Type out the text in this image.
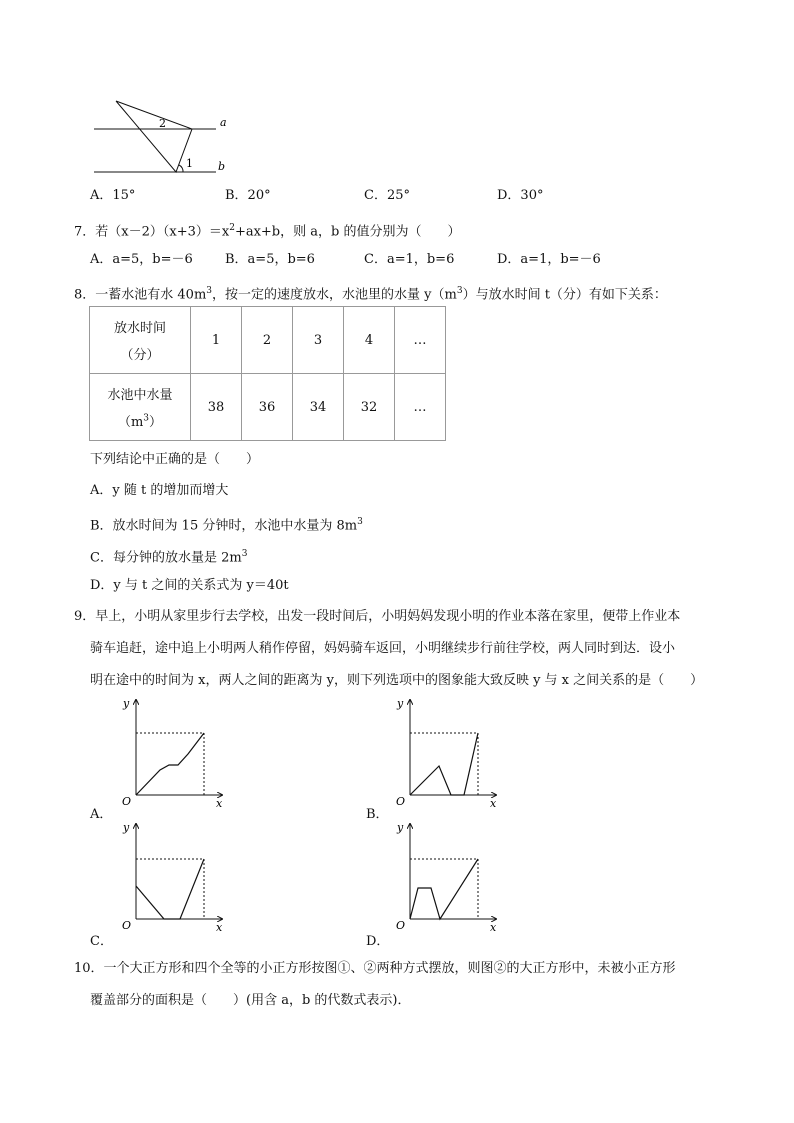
2
1
a
b
A．15°	B．20°	C．25°	D．30°
7．若$(x-2)(x+3)=x^2+ax+b$，则 a，b 的值分别为（　　）
A．a=5，b=－6 B．a=5，b=6	C．a=1，b=6	D．a=1，b=－6
8．一蓄水池有水 $40m^3$，按一定的速度放水，水池里的水量 $y(m^3)$与放水时间 t（分）有如下关系：
放水时间
（分）	1	2	3	4	…

水池中水量
$(m^3)$	38	36	34	32	…
下列结论中正确的是（　　）
A．y 随 t 的增加而增大
B．放水时间为 15 分钟时，水池中水量为 $8m^3$
C．每分钟的放水量是 $2m^3$
D．y 与 t 之间的关系式为 y＝40t
9．早上，小明从家里步行去学校，出发一段时间后，小明妈妈发现小明的作业本落在家里，便带上作业本
骑车追赶，途中追上小明两人稍作停留，妈妈骑车返回，小明继续步行前往学校，两人同时到达．设小
明在途中的时间为 x，两人之间的距离为 y，则下列选项中的图象能大致反映 y 与 x 之间关系的是（　　）
y
x
O
A．
y
x
O
B．
y
x
O
C．
y
x
O
D．
10．一个大正方形和四个全等的小正方形按图①、②两种方式摆放，则图②的大正方形中，未被小正方形
覆盖部分的面积是（　　）(用含 a，b 的代数式表示)．
